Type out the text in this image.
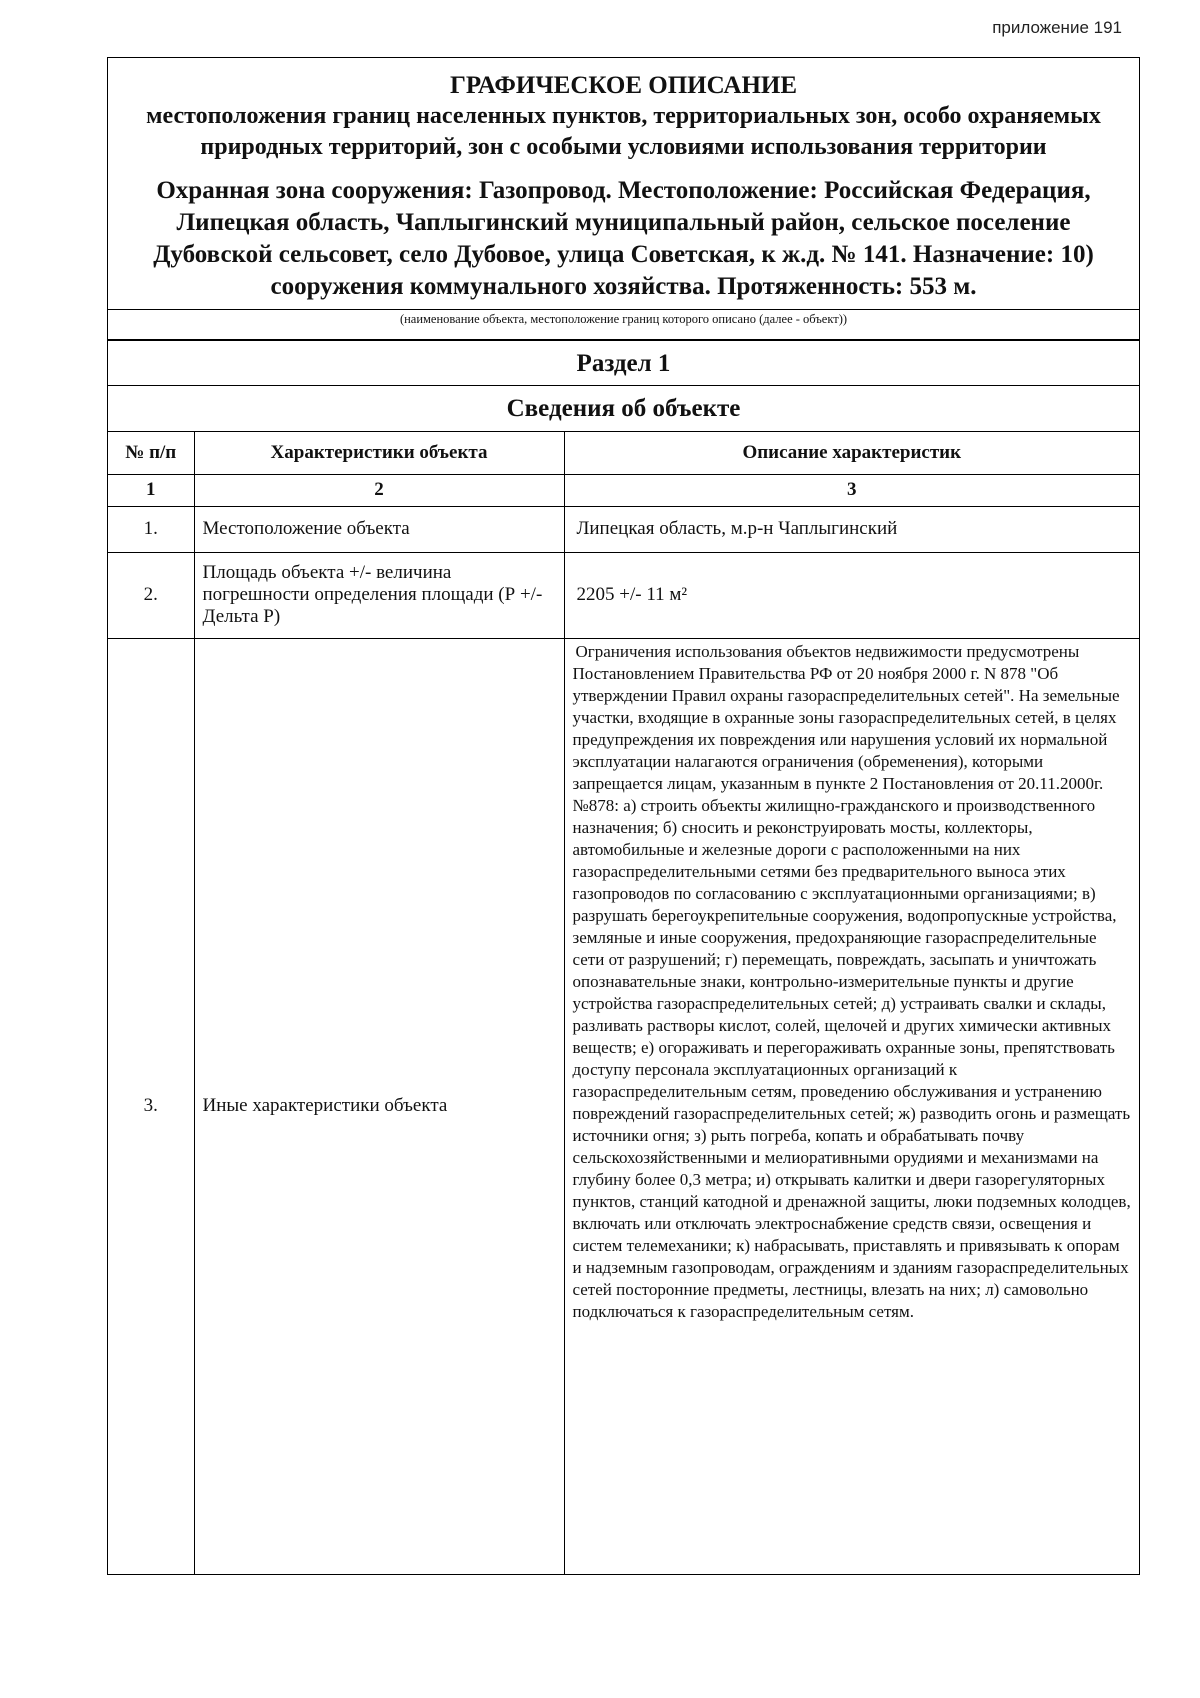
приложение 191
ГРАФИЧЕСКОЕ ОПИСАНИЕ
местоположения границ населенных пунктов, территориальных зон, особо охраняемых природных территорий, зон с особыми условиями использования территории
Охранная зона сооружения: Газопровод. Местоположение: Российская Федерация, Липецкая область, Чаплыгинский муниципальный район, сельское поселение Дубовской сельсовет, село Дубовое, улица Советская, к ж.д. № 141. Назначение: 10) сооружения коммунального хозяйства. Протяженность: 553 м.
(наименование объекта, местоположение границ которого описано (далее - объект))
Раздел 1
Сведения об объекте
№ п/п	Характеристики объекта	Описание характеристик
1	2	3
1.	Местоположение объекта	Липецкая область, м.р-н Чаплыгинский
2.	Площадь объекта +/- величина погрешности определения площади (Р +/- Дельта Р)	2205 +/- 11 м²
3.	Иные характеристики объекта	Ограничения использования объектов недвижимости предусмотрены Постановлением Правительства РФ от 20 ноября 2000 г. N 878 "Об утверждении Правил охраны газораспределительных сетей". На земельные участки, входящие в охранные зоны газораспределительных сетей, в целях предупреждения их повреждения или нарушения условий их нормальной эксплуатации налагаются ограничения (обременения), которыми запрещается лицам, указанным в пункте 2 Постановления от 20.11.2000г. №878: а) строить объекты жилищно-гражданского и производственного назначения; б) сносить и реконструировать мосты, коллекторы, автомобильные и железные дороги с расположенными на них газораспределительными сетями без предварительного выноса этих газопроводов по согласованию с эксплуатационными организациями; в) разрушать берегоукрепительные сооружения, водопропускные устройства, земляные и иные сооружения, предохраняющие газораспределительные сети от разрушений; г) перемещать, повреждать, засыпать и уничтожать опознавательные знаки, контрольно-измерительные пункты и другие устройства газораспределительных сетей; д) устраивать свалки и склады, разливать растворы кислот, солей, щелочей и других химически активных веществ; е) огораживать и перегораживать охранные зоны, препятствовать доступу персонала эксплуатационных организаций к газораспределительным сетям, проведению обслуживания и устранению повреждений газораспределительных сетей; ж) разводить огонь и размещать источники огня; з) рыть погреба, копать и обрабатывать почву сельскохозяйственными и мелиоративными орудиями и механизмами на глубину более 0,3 метра; и) открывать калитки и двери газорегуляторных пунктов, станций катодной и дренажной защиты, люки подземных колодцев, включать или отключать электроснабжение средств связи, освещения и систем телемеханики; к) набрасывать, приставлять и привязывать к опорам и надземным газопроводам, ограждениям и зданиям газораспределительных сетей посторонние предметы, лестницы, влезать на них; л) самовольно подключаться к газораспределительным сетям.
